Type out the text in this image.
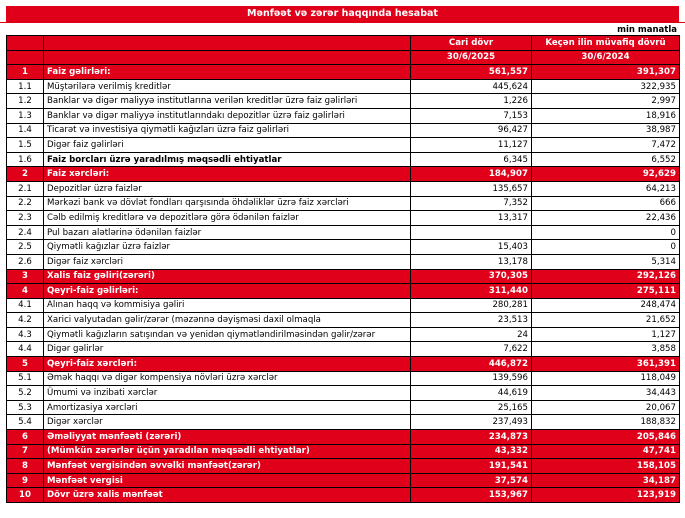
Mənfəət və zərər haqqında hesabat
min manatla
		Cari dövr	Keçən ilin müvafiq dövrü
		30/6/2025	30/6/2024
1	Faiz gəlirləri:	561,557	391,307
1.1	Müştərilərə verilmiş kreditlər	445,624	322,935
1.2	Banklar və digər maliyyə institutlarına verilən kreditlər üzrə faiz gəlirləri	1,226	2,997
1.3	Banklar və digər maliyyə institutlarındakı depozitlər üzrə faiz gəlirləri	7,153	18,916
1.4	Ticarət və investisiya qiymətli kağızları üzrə faiz gəlirləri	96,427	38,987
1.5	Digər faiz gəlirləri	11,127	7,472
1.6	Faiz borcları üzrə yaradılmış məqsədli ehtiyatlar	6,345	6,552
2	Faiz xərcləri:	184,907	92,629
2.1	Depozitlər üzrə faizlər	135,657	64,213
2.2	Mərkəzi bank və dövlət fondları qarşısında öhdəliklər üzrə faiz xərcləri	7,352	666
2.3	Cəlb edilmiş kreditlərə və depozitlərə görə ödənilən faizlər	13,317	22,436
2.4	Pul bazarı alətlərinə ödənilən faizlər		0
2.5	Qiymətli kağızlar üzrə faizlər	15,403	0
2.6	Digər faiz xərcləri	13,178	5,314
3	Xalis faiz gəliri(zərəri)	370,305	292,126
4	Qeyri-faiz gəlirləri:	311,440	275,111
4.1	Alınan haqq və kommisiya gəliri	280,281	248,474
4.2	Xarici valyutadan gəlir/zərər (məzənnə dəyişməsi daxil olmaqla	23,513	21,652
4.3	Qiymətli kağızların satışından və yenidən qiymətləndirilməsindən gəlir/zərər	24	1,127
4.4	Digər gəlirlər	7,622	3,858
5	Qeyri-faiz xərcləri:	446,872	361,391
5.1	Əmək haqqı və digər kompensiya növləri üzrə xərclər	139,596	118,049
5.2	Ümumi və inzibati xərclər	44,619	34,443
5.3	Amortizasiya xərcləri	25,165	20,067
5.4	Digər xərclər	237,493	188,832
6	Əməliyyat mənfəəti (zərəri)	234,873	205,846
7	(Mümkün zərərlər üçün yaradılan məqsədli ehtiyatlar)	43,332	47,741
8	Mənfəət vergisindən əvvəlki mənfəət(zərər)	191,541	158,105
9	Mənfəət vergisi	37,574	34,187
10	Dövr üzrə xalis mənfəət	153,967	123,919
